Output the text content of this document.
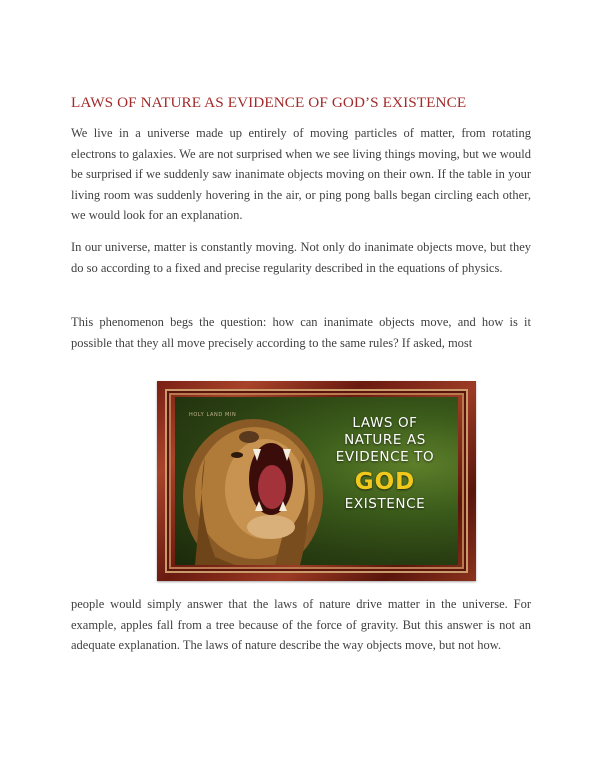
LAWS OF NATURE AS EVIDENCE OF GOD’S EXISTENCE

We live in a universe made up entirely of moving particles of matter, from rotating electrons to galaxies. We are not surprised when we see living things moving, but we would be surprised if we suddenly saw inanimate objects moving on their own. If the table in your living room was suddenly hovering in the air, or ping pong balls began circling each other, we would look for an explanation.

In our universe, matter is constantly moving. Not only do inanimate objects move, but they do so according to a fixed and precise regularity described in the equations of physics.

This phenomenon begs the question: how can inanimate objects move, and how is it possible that they all move precisely according to the same rules? If asked, most

HOLY LAND MIN	LAWS OF
NATURE AS
EVIDENCE TO
GOD
EXISTENCE

people would simply answer that the laws of nature drive matter in the universe. For example, apples fall from a tree because of the force of gravity. But this answer is not an adequate explanation. The laws of nature describe the way objects move, but not how.
